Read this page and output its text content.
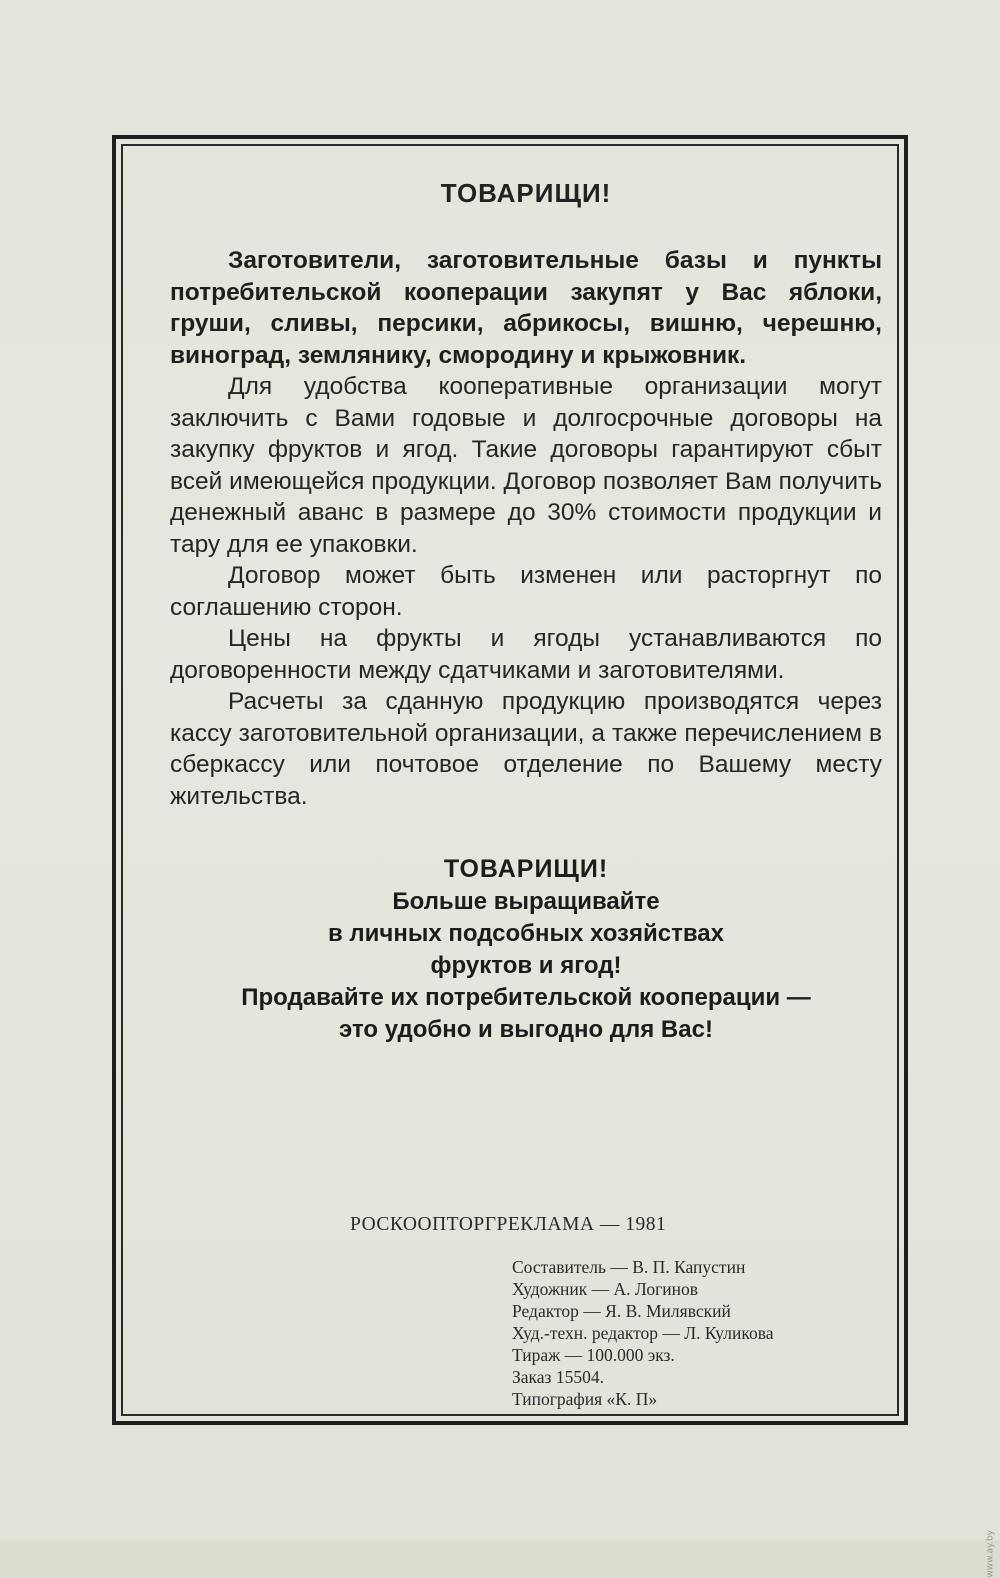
ТОВАРИЩИ!

Заготовители, заготовительные базы и пункты потребительской кооперации закупят у Вас яблоки, груши, сливы, персики, абрикосы, вишню, черешню, виноград, землянику, смородину и крыжовник.

Для удобства кооперативные организации могут заключить с Вами годовые и долгосрочные договоры на закупку фруктов и ягод. Такие договоры гарантируют сбыт всей имеющейся продукции. Договор позволяет Вам получить денежный аванс в размере до 30% стоимости продукции и тару для ее упаковки.

Договор может быть изменен или расторгнут по соглашению сторон.

Цены на фрукты и ягоды устанавливаются по договоренности между сдатчиками и заготовителями.

Расчеты за сданную продукцию производятся через кассу заготовительной организации, а также перечислением в сберкассу или почтовое отделение по Вашему месту жительства.

ТОВАРИЩИ!
Больше выращивайте
в личных подсобных хозяйствах
фруктов и ягод!
Продавайте их потребительской кооперации —
это удобно и выгодно для Вас!
РОСКООПТОРГРЕКЛАМА — 1981
Составитель — В. П. Капустин
Художник — А. Логинов
Редактор — Я. В. Милявский
Худ.-техн. редактор — Л. Куликова
Тираж — 100.000 экз.
Заказ 15504.
Типография «К. П»
